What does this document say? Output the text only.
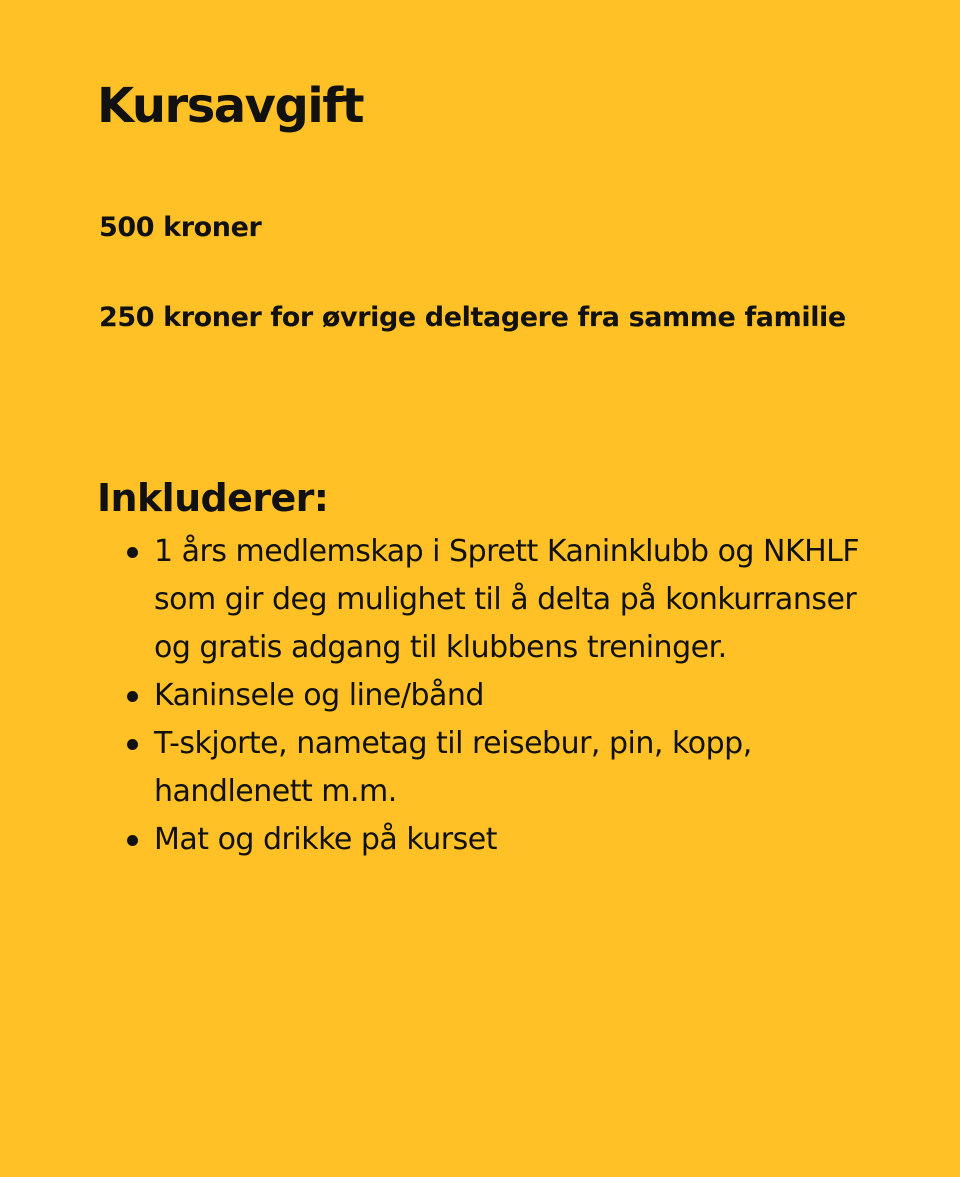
Kursavgift

500 kroner

250 kroner for øvrige deltagere fra samme familie

Inkluderer:
1 års medlemskap i Sprett Kaninklubb og NKHLF som gir deg mulighet til å delta på konkurranser og gratis adgang til klubbens treninger.
Kaninsele og line/bånd
T-skjorte, nametag til reisebur, pin, kopp, handlenett m.m.
Mat og drikke på kurset
